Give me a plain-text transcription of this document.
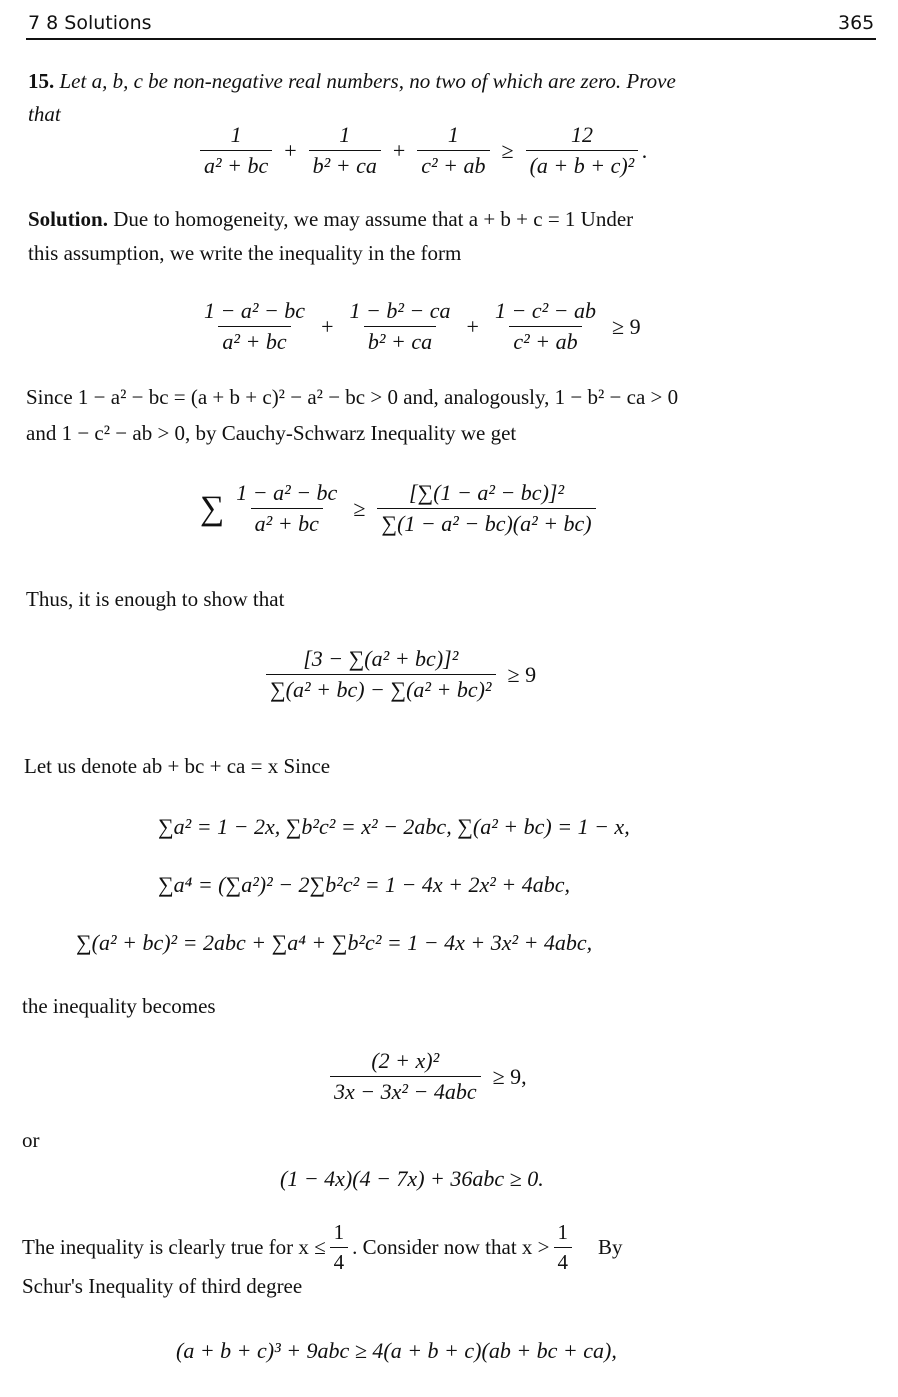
7 8 Solutions	365
15. Let a, b, c be non-negative real numbers, no two of which are zero. Prove
that
$\frac{1}{\text{a² + bc}} + \frac{1}{\text{b² + ca}} + \frac{1}{\text{c² + ab}} \ge \frac{12}{\text{(a + b + c)²}}$ .
Solution. Due to homogeneity, we may assume that a + b + c = 1 Under
this assumption, we write the inequality in the form
$\frac{\text{1 − a² − bc}}{\text{a² + bc}} + \frac{\text{1 − b² − ca}}{\text{b² + ca}} + \frac{\text{1 − c² − ab}}{\text{c² + ab}} \ge 9$
Since 1 − a² − bc = (a + b + c)² − a² − bc > 0 and, analogously, 1 − b² − ca > 0
and 1 − c² − ab > 0, by Cauchy-Schwarz Inequality we get
∑ $\frac{\text{1 − a² − bc}}{\text{a² + bc}} \ge \frac{\text{[∑(1 − a² − bc)]²}}{\text{∑(1 − a² − bc)(a² + bc)}}$
Thus, it is enough to show that
$\frac{\text{[3 − ∑(a² + bc)]²}}{\text{∑(a² + bc) − ∑(a² + bc)²}} \ge 9$
Let us denote ab + bc + ca = x Since
∑a² = 1 − 2x, ∑b²c² = x² − 2abc, ∑(a² + bc) = 1 − x,
∑a⁴ = (∑a²)² − 2∑b²c² = 1 − 4x + 2x² + 4abc,
∑(a² + bc)² = 2abc + ∑a⁴ + ∑b²c² = 1 − 4x + 3x² + 4abc,
the inequality becomes
$\frac{\text{(2 + x)²}}{\text{3x − 3x² − 4abc}} \ge 9$,
or
(1 − 4x)(4 − 7x) + 36abc ≥ 0.
The inequality is clearly true for $x \le \frac{1}{4}$ . Consider now that $x > \frac{1}{4}$ By
Schur's Inequality of third degree
(a + b + c)³ + 9abc ≥ 4(a + b + c)(ab + bc + ca),
